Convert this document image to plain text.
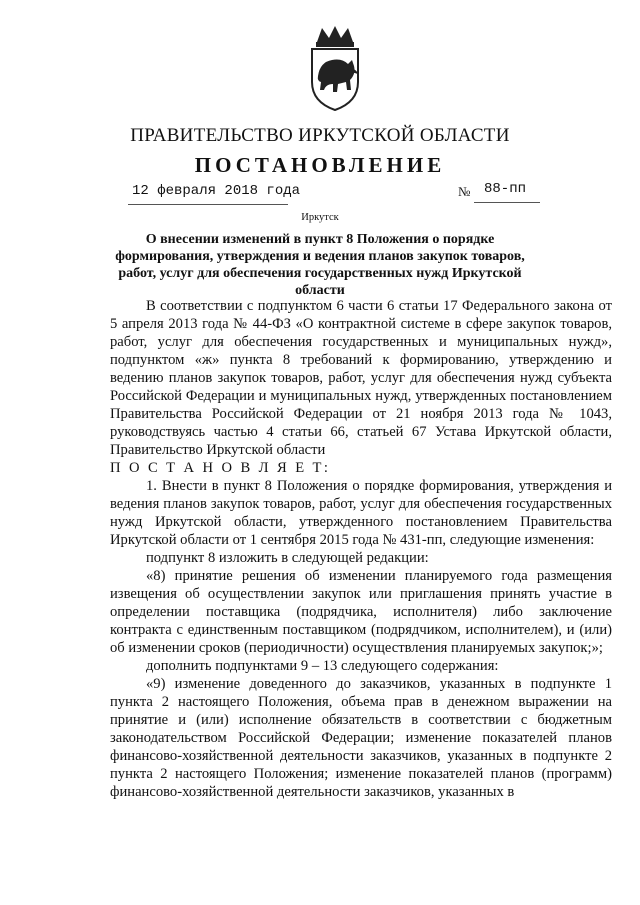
ПРАВИТЕЛЬСТВО ИРКУТСКОЙ ОБЛАСТИ
ПОСТАНОВЛЕНИЕ
12 февраля 2018 года	№ 88-пп
Иркутск
О внесении изменений в пункт 8 Положения о порядке формирования, утверждения и ведения планов закупок товаров, работ, услуг для обеспечения государственных нужд Иркутской области

В соответствии с подпунктом 6 части 6 статьи 17 Федерального закона от 5 апреля 2013 года № 44-ФЗ «О контрактной системе в сфере закупок товаров, работ, услуг для обеспечения государственных и муниципальных нужд», подпунктом «ж» пункта 8 требований к формированию, утверждению и ведению планов закупок товаров, работ, услуг для обеспечения нужд субъекта Российской Федерации и муниципальных нужд, утвержденных постановлением Правительства Российской Федерации от 21 ноября 2013 года № 1043, руководствуясь частью 4 статьи 66, статьей 67 Устава Иркутской области, Правительство Иркутской области

П О С Т А Н О В Л Я Е Т:

1. Внести в пункт 8 Положения о порядке формирования, утверждения и ведения планов закупок товаров, работ, услуг для обеспечения государственных нужд Иркутской области, утвержденного постановлением Правительства Иркутской области от 1 сентября 2015 года № 431-пп, следующие изменения:

подпункт 8 изложить в следующей редакции:

«8) принятие решения об изменении планируемого года размещения извещения об осуществлении закупок или приглашения принять участие в определении поставщика (подрядчика, исполнителя) либо заключение контракта с единственным поставщиком (подрядчиком, исполнителем), и (или) об изменении сроков (периодичности) осуществления планируемых закупок;»;

дополнить подпунктами 9 – 13 следующего содержания:

«9) изменение доведенного до заказчиков, указанных в подпункте 1 пункта 2 настоящего Положения, объема прав в денежном выражении на принятие и (или) исполнение обязательств в соответствии с бюджетным законодательством Российской Федерации; изменение показателей планов финансово-хозяйственной деятельности заказчиков, указанных в подпункте 2 пункта 2 настоящего Положения; изменение показателей планов (программ) финансово-хозяйственной деятельности заказчиков, указанных в
